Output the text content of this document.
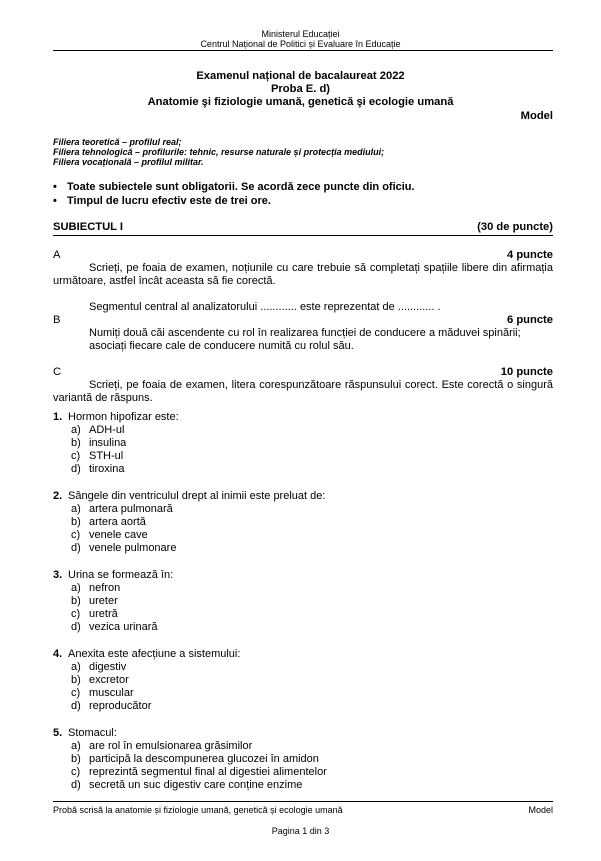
Ministerul Educației
Centrul Național de Politici și Evaluare în Educație
Examenul național de bacalaureat 2022
Proba E. d)
Anatomie şi fiziologie umană, genetică şi ecologie umană
Model
Filiera teoretică – profilul real;
Filiera tehnologică – profilurile: tehnic, resurse naturale și protecția mediului;
Filiera vocațională – profilul militar.
• Toate subiectele sunt obligatorii. Se acordă zece puncte din oficiu.
• Timpul de lucru efectiv este de trei ore.
SUBIECTUL I	(30 de puncte)
A	4 puncte
Scrieți, pe foaia de examen, noțiunile cu care trebuie să completați spațiile libere din afirmația următoare, astfel încât aceasta să fie corectă.
Segmentul central al analizatorului ............ este reprezentat de ............ .
B	6 puncte
Numiți două căi ascendente cu rol în realizarea funcției de conducere a măduvei spinării;
asociați fiecare cale de conducere numită cu rolul său.
C	10 puncte
Scrieți, pe foaia de examen, litera corespunzătoare răspunsului corect. Este corectă o singură variantă de răspuns.
1. Hormon hipofizar este:
a) ADH-ul
b) insulina
c) STH-ul
d) tiroxina
2. Sângele din ventriculul drept al inimii este preluat de:
a) artera pulmonară
b) artera aortă
c) venele cave
d) venele pulmonare
3. Urina se formează în:
a) nefron
b) ureter
c) uretră
d) vezica urinară
4. Anexita este afecțiune a sistemului:
a) digestiv
b) excretor
c) muscular
d) reproducător
5. Stomacul:
a) are rol în emulsionarea grăsimilor
b) participă la descompunerea glucozei în amidon
c) reprezintă segmentul final al digestiei alimentelor
d) secretă un suc digestiv care conține enzime
Probă scrisă la anatomie și fiziologie umană, genetică și ecologie umană	Model
Pagina 1 din 3
